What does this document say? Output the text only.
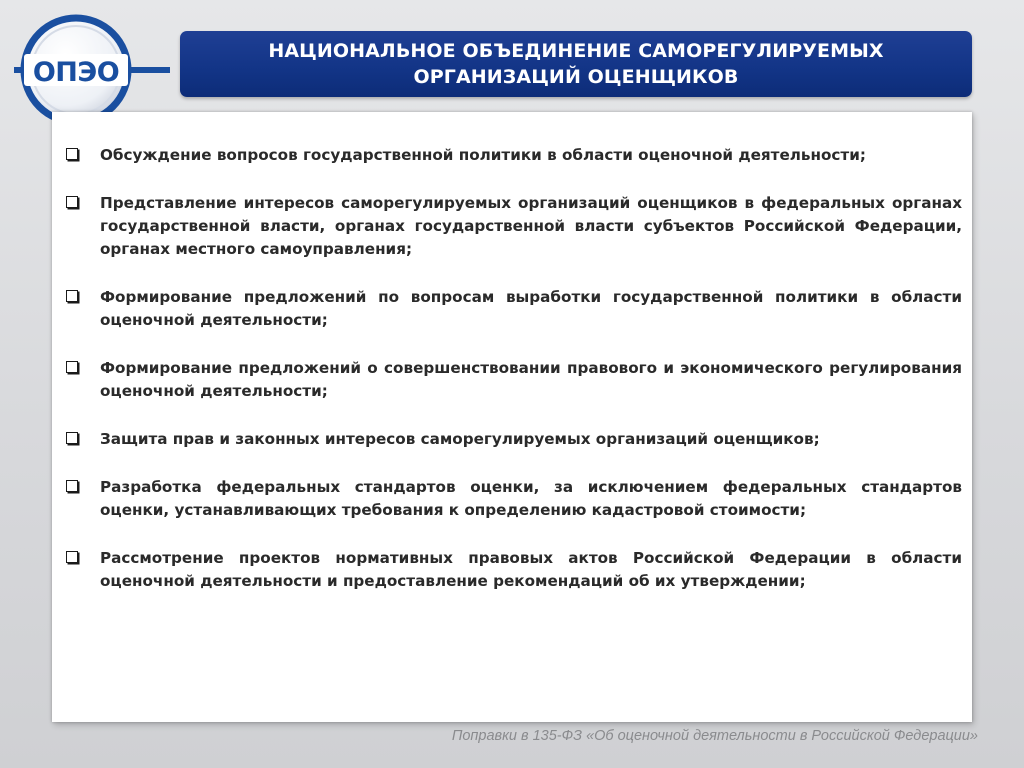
ОПЭО
НАЦИОНАЛЬНОЕ ОБЪЕДИНЕНИЕ САМОРЕГУЛИРУЕМЫХ
ОРГАНИЗАЦИЙ ОЦЕНЩИКОВ
Обсуждение вопросов государственной политики в области оценочной деятельности;
Представление интересов саморегулируемых организаций оценщиков в федеральных органах государственной власти, органах государственной власти субъектов Российской Федерации, органах местного самоуправления;
Формирование предложений по вопросам выработки государственной политики в области оценочной деятельности;
Формирование предложений о совершенствовании правового и экономического регулирования оценочной деятельности;
Защита прав и законных интересов саморегулируемых организаций оценщиков;
Разработка федеральных стандартов оценки, за исключением федеральных стандартов оценки, устанавливающих требования к определению кадастровой стоимости;
Рассмотрение проектов нормативных правовых актов Российской Федерации в области оценочной деятельности и предоставление рекомендаций об их утверждении;
Поправки в 135-ФЗ «Об оценочной деятельности в Российской Федерации»
